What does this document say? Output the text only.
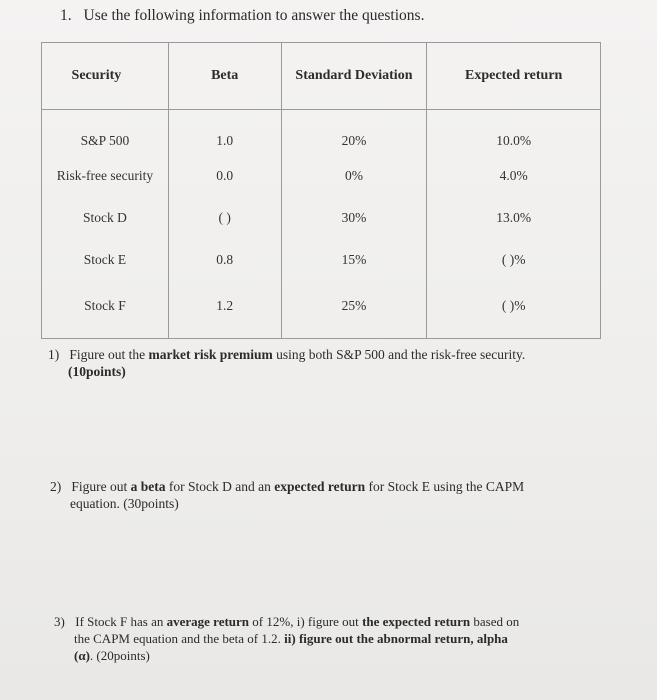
1. Use the following information to answer the questions.
Security	Beta	Standard Deviation	Expected return
S&P 500	1.0	20%	10.0%
Risk-free security	0.0	0%	4.0%
Stock D	( )	30%	13.0%
Stock E	0.8	15%	( )%
Stock F	1.2	25%	( )%
1) Figure out the market risk premium using both S&P 500 and the risk-free security.
(10points)
2) Figure out a beta for Stock D and an expected return for Stock E using the CAPM
equation. (30points)
3) If Stock F has an average return of 12%, i) figure out the expected return based on
the CAPM equation and the beta of 1.2. ii) figure out the abnormal return, alpha
(α). (20points)
